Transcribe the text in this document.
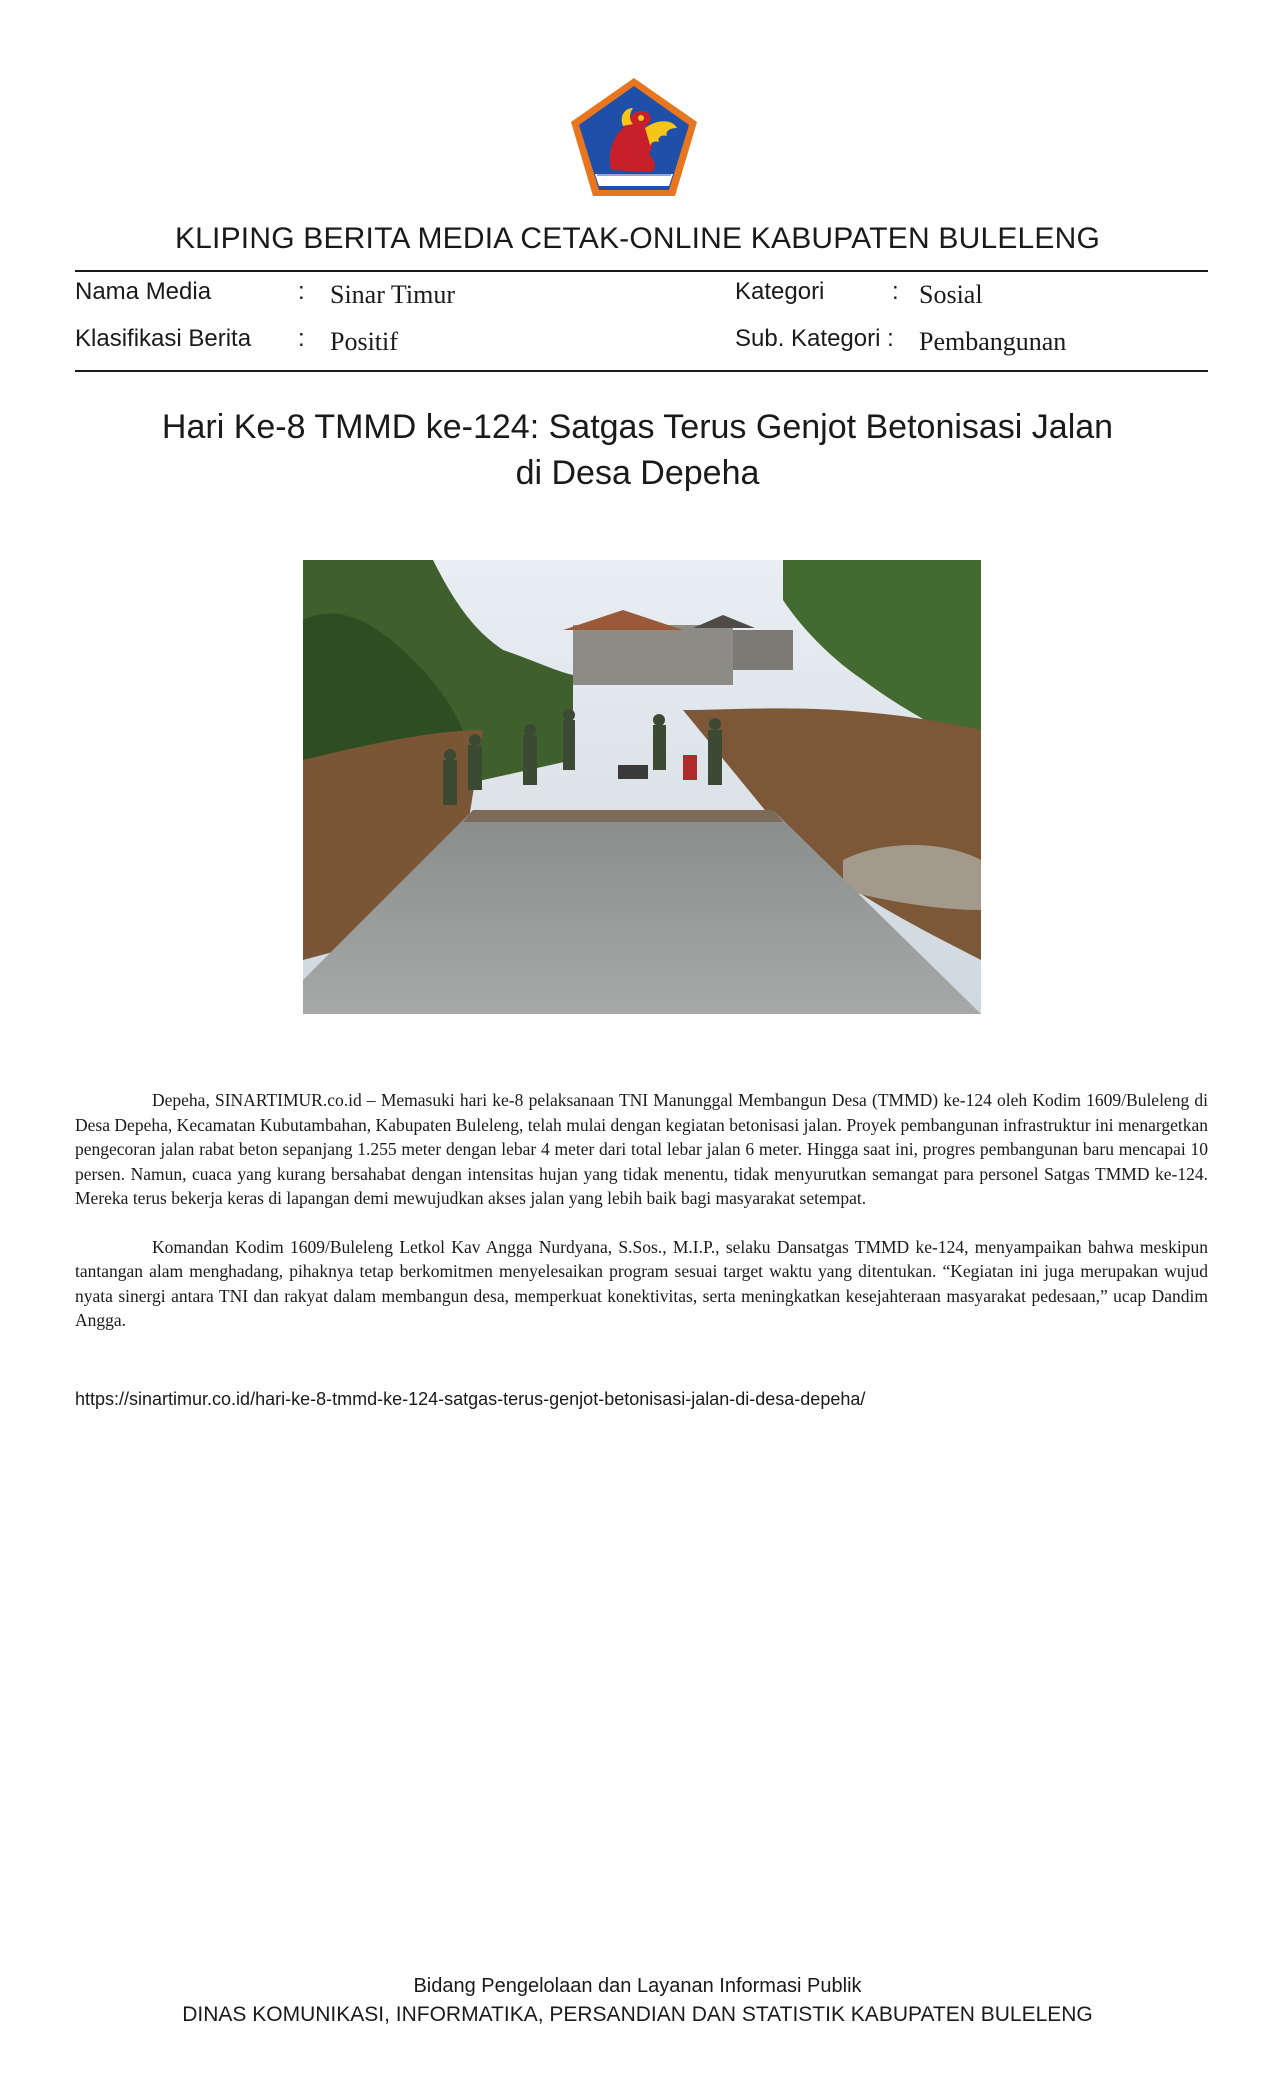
KLIPING BERITA MEDIA CETAK-ONLINE KABUPATEN BULELENG
Nama Media	: Sinar Timur	Kategori	: Sosial
Klasifikasi Berita : Positif	Sub. Kategori : Pembangunan
Hari Ke-8 TMMD ke-124: Satgas Terus Genjot Betonisasi Jalan
di Desa Depeha

Depeha, SINARTIMUR.co.id – Memasuki hari ke-8 pelaksanaan TNI Manunggal Membangun Desa (TMMD) ke-124 oleh Kodim 1609/Buleleng di Desa Depeha, Kecamatan Kubutambahan, Kabupaten Buleleng, telah mulai dengan kegiatan betonisasi jalan. Proyek pembangunan infrastruktur ini menargetkan pengecoran jalan rabat beton sepanjang 1.255 meter dengan lebar 4 meter dari total lebar jalan 6 meter. Hingga saat ini, progres pembangunan baru mencapai 10 persen. Namun, cuaca yang kurang bersahabat dengan intensitas hujan yang tidak menentu, tidak menyurutkan semangat para personel Satgas TMMD ke-124. Mereka terus bekerja keras di lapangan demi mewujudkan akses jalan yang lebih baik bagi masyarakat setempat.

Komandan Kodim 1609/Buleleng Letkol Kav Angga Nurdyana, S.Sos., M.I.P., selaku Dansatgas TMMD ke-124, menyampaikan bahwa meskipun tantangan alam menghadang, pihaknya tetap berkomitmen menyelesaikan program sesuai target waktu yang ditentukan. “Kegiatan ini juga merupakan wujud nyata sinergi antara TNI dan rakyat dalam membangun desa, memperkuat konektivitas, serta meningkatkan kesejahteraan masyarakat pedesaan,” ucap Dandim Angga.

https://sinartimur.co.id/hari-ke-8-tmmd-ke-124-satgas-terus-genjot-betonisasi-jalan-di-desa-depeha/
Bidang Pengelolaan dan Layanan Informasi Publik
DINAS KOMUNIKASI, INFORMATIKA, PERSANDIAN DAN STATISTIK KABUPATEN BULELENG
